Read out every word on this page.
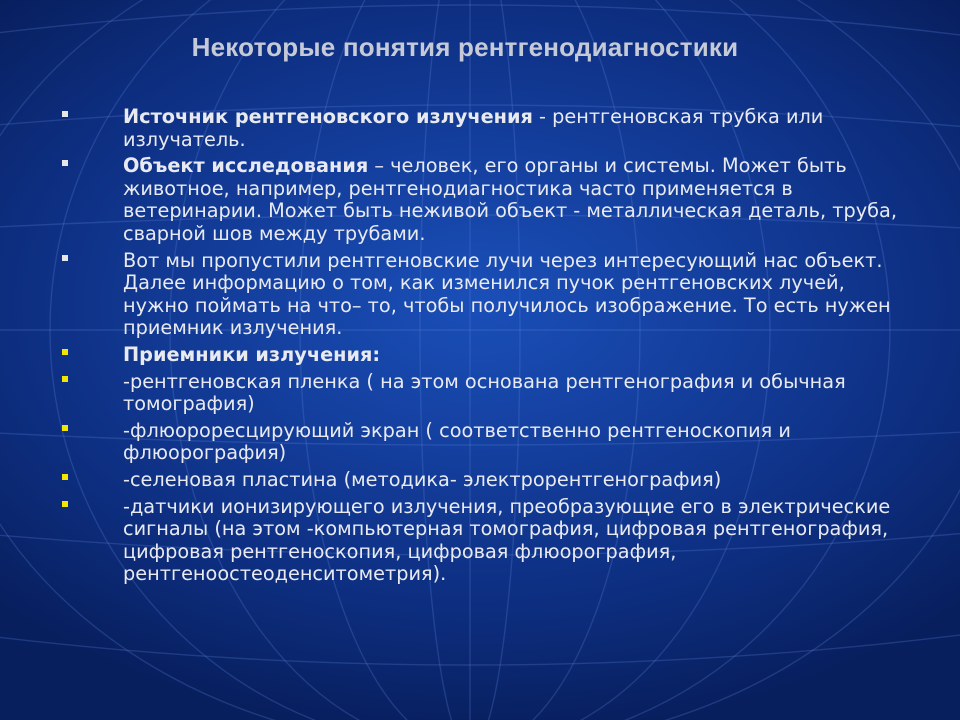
Некоторые понятия рентгенодиагностики
Источник рентгеновского излучения - рентгеновская трубка или излучатель.
Объект исследования – человек, его органы и системы. Может быть животное, например, рентгенодиагностика часто применяется в ветеринарии. Может быть неживой объект - металлическая деталь, труба, сварной шов между трубами.
Вот мы пропустили рентгеновские лучи через интересующий нас объект. Далее информацию о том, как изменился пучок рентгеновских лучей, нужно поймать на что– то, чтобы получилось изображение. То есть нужен приемник излучения.
Приемники излучения:
-рентгеновская пленка ( на этом основана рентгенография и обычная томография)
-флюорoресцирующий экран ( соответственно рентгеноскопия и флюорография)
-селеновая пластина (методика- электрорентгенография)
-датчики ионизирующего излучения, преобразующие его в электрические сигналы (на этом -компьютерная томография, цифровая рентгенография, цифровая рентгеноскопия, цифровая флюорография, рентгеноостеоденситометрия).
